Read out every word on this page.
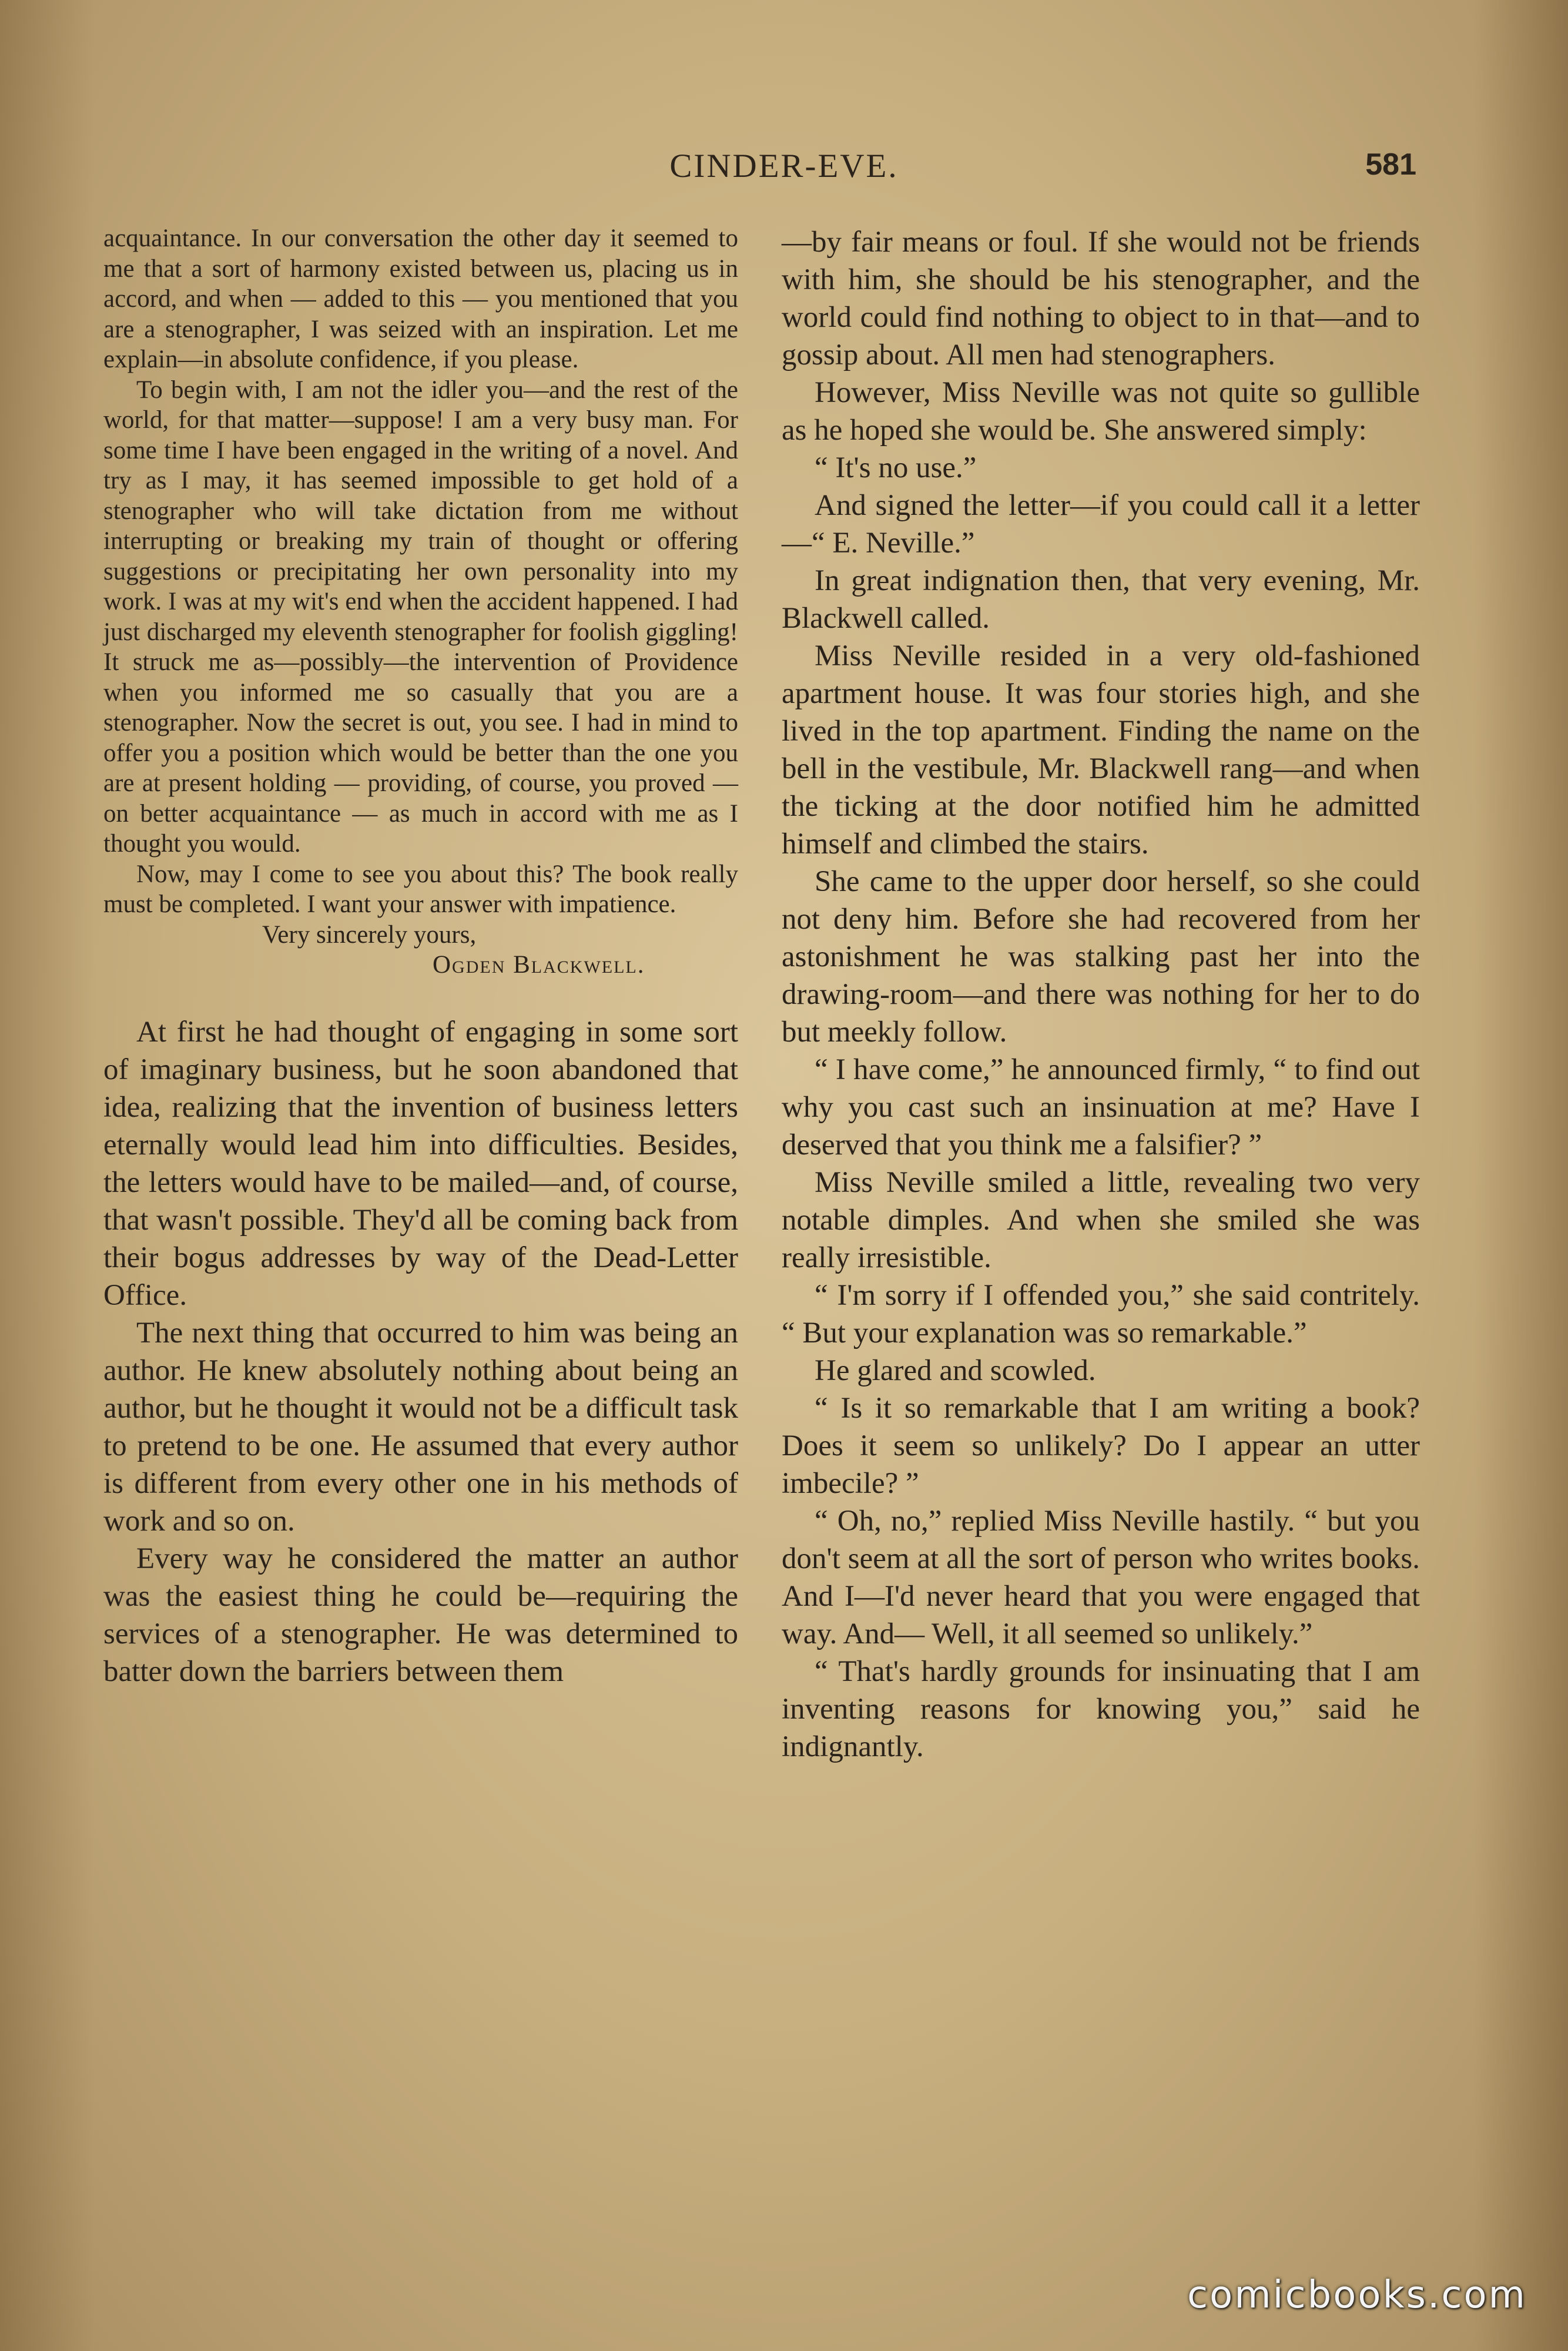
CINDER-EVE.	581

acquaintance. In our conversation the other day it seemed to me that a sort of harmony existed between us, placing us in accord, and when — added to this — you mentioned that you are a stenographer, I was seized with an inspiration. Let me explain—in absolute confidence, if you please.

To begin with, I am not the idler you—and the rest of the world, for that matter—suppose! I am a very busy man. For some time I have been engaged in the writing of a novel. And try as I may, it has seemed impossible to get hold of a stenographer who will take dictation from me without interrupting or breaking my train of thought or offering suggestions or precipitating her own personality into my work. I was at my wit's end when the accident happened. I had just discharged my eleventh stenographer for foolish giggling! It struck me as—possibly—the intervention of Providence when you informed me so casually that you are a stenographer. Now the secret is out, you see. I had in mind to offer you a position which would be better than the one you are at present holding — providing, of course, you proved — on better acquaintance — as much in accord with me as I thought you would.

Now, may I come to see you about this? The book really must be completed. I want your answer with impatience.

Very sincerely yours,
Ogden Blackwell.

At first he had thought of engaging in some sort of imaginary business, but he soon abandoned that idea, realizing that the invention of business letters eternally would lead him into difficulties. Besides, the letters would have to be mailed—and, of course, that wasn't possible. They'd all be coming back from their bogus addresses by way of the Dead-Letter Office.

The next thing that occurred to him was being an author. He knew absolutely nothing about being an author, but he thought it would not be a difficult task to pretend to be one. He assumed that every author is different from every other one in his methods of work and so on.

Every way he considered the matter an author was the easiest thing he could be—requiring the services of a stenographer. He was determined to batter down the barriers between them

—by fair means or foul. If she would not be friends with him, she should be his stenographer, and the world could find nothing to object to in that—and to gossip about. All men had stenographers.

However, Miss Neville was not quite so gullible as he hoped she would be. She answered simply:

“ It's no use.”

And signed the letter—if you could call it a letter—“ E. Neville.”

In great indignation then, that very evening, Mr. Blackwell called.

Miss Neville resided in a very old-fashioned apartment house. It was four stories high, and she lived in the top apartment. Finding the name on the bell in the vestibule, Mr. Blackwell rang—and when the ticking at the door notified him he admitted himself and climbed the stairs.

She came to the upper door herself, so she could not deny him. Before she had recovered from her astonishment he was stalking past her into the drawing-room—and there was nothing for her to do but meekly follow.

“ I have come,” he announced firmly, “ to find out why you cast such an insinuation at me? Have I deserved that you think me a falsifier? ”

Miss Neville smiled a little, revealing two very notable dimples. And when she smiled she was really irresistible.

“ I'm sorry if I offended you,” she said contritely. “ But your explanation was so remarkable.”

He glared and scowled.

“ Is it so remarkable that I am writing a book? Does it seem so unlikely? Do I appear an utter imbecile? ”

“ Oh, no,” replied Miss Neville hastily. “ but you don't seem at all the sort of person who writes books. And I—I'd never heard that you were engaged that way. And— Well, it all seemed so unlikely.”

“ That's hardly grounds for insinuating that I am inventing reasons for knowing you,” said he indignantly.

comicbooks.com
